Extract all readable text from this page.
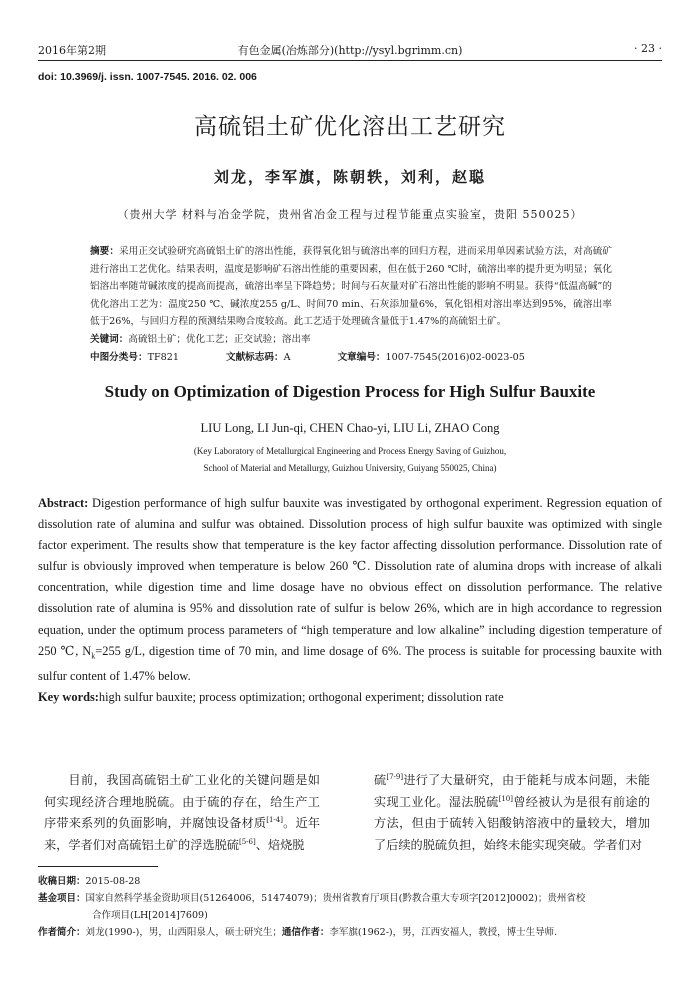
2016年第2期	有色金属(冶炼部分)(http://ysyl.bgrimm.cn)	· 23 ·
doi: 10.3969/j. issn. 1007-7545. 2016. 02. 006
高硫铝土矿优化溶出工艺研究
刘龙，李军旗，陈朝轶，刘利，赵聪
（贵州大学 材料与冶金学院，贵州省冶金工程与过程节能重点实验室，贵阳 550025）

摘要：采用正交试验研究高硫铝土矿的溶出性能，获得氧化铝与硫溶出率的回归方程，进而采用单因素试验方法，对高硫矿进行溶出工艺优化。结果表明，温度是影响矿石溶出性能的重要因素，但在低于260 ℃时，硫溶出率的提升更为明显；氧化铝溶出率随苛碱浓度的提高而提高，硫溶出率呈下降趋势；时间与石灰量对矿石溶出性能的影响不明显。获得“低温高碱”的优化溶出工艺为：温度250 ℃、碱浓度255 g/L、时间70 min、石灰添加量6%，氧化铝相对溶出率达到95%，硫溶出率低于26%，与回归方程的预测结果吻合度较高。此工艺适于处理硫含量低于1.47%的高硫铝土矿。

关键词：高硫铝土矿；优化工艺；正交试验；溶出率

中图分类号：TF821	文献标志码：A	文章编号：1007-7545(2016)02-0023-05

Study on Optimization of Digestion Process for High Sulfur Bauxite
LIU Long, LI Jun-qi, CHEN Chao-yi, LIU Li, ZHAO Cong
(Key Laboratory of Metallurgical Engineering and Process Energy Saving of Guizhou,
School of Material and Metallurgy, Guizhou University, Guiyang 550025, China)

Abstract: Digestion performance of high sulfur bauxite was investigated by orthogonal experiment. Regression equation of dissolution rate of alumina and sulfur was obtained. Dissolution process of high sulfur bauxite was optimized with single factor experiment. The results show that temperature is the key factor affecting dissolution performance. Dissolution rate of sulfur is obviously improved when temperature is below 260 ℃. Dissolution rate of alumina drops with increase of alkali concentration, while digestion time and lime dosage have no obvious effect on dissolution performance. The relative dissolution rate of alumina is 95% and dissolution rate of sulfur is below 26%, which are in high accordance to regression equation, under the optimum process parameters of “high temperature and low alkaline” including digestion temperature of 250 ℃, $N_k=255$ g/L, digestion time of 70 min, and lime dosage of 6%. The process is suitable for processing bauxite with sulfur content of 1.47% below.

Key words:high sulfur bauxite; process optimization; orthogonal experiment; dissolution rate

目前，我国高硫铝土矿工业化的关键问题是如何实现经济合理地脱硫。由于硫的存在，给生产工序带来系列的负面影响，并腐蚀设备材质[1-4]。近年来，学者们对高硫铝土矿的浮选脱硫[5-6]、焙烧脱
硫[7-9]进行了大量研究，由于能耗与成本问题，未能实现工业化。湿法脱硫[10]曾经被认为是很有前途的方法，但由于硫转入铝酸钠溶液中的量较大，增加了后续的脱硫负担，始终未能实现突破。学者们对

收稿日期：2015-08-28

基金项目：国家自然科学基金资助项目(51264006，51474079)；贵州省教育厅项目(黔教合重大专项字[2012]0002)；贵州省校

合作项目(LH[2014]7609)

作者简介：刘龙(1990-)，男，山西阳泉人，硕士研究生；通信作者：李军旗(1962-)，男，江西安福人，教授，博士生导师.
